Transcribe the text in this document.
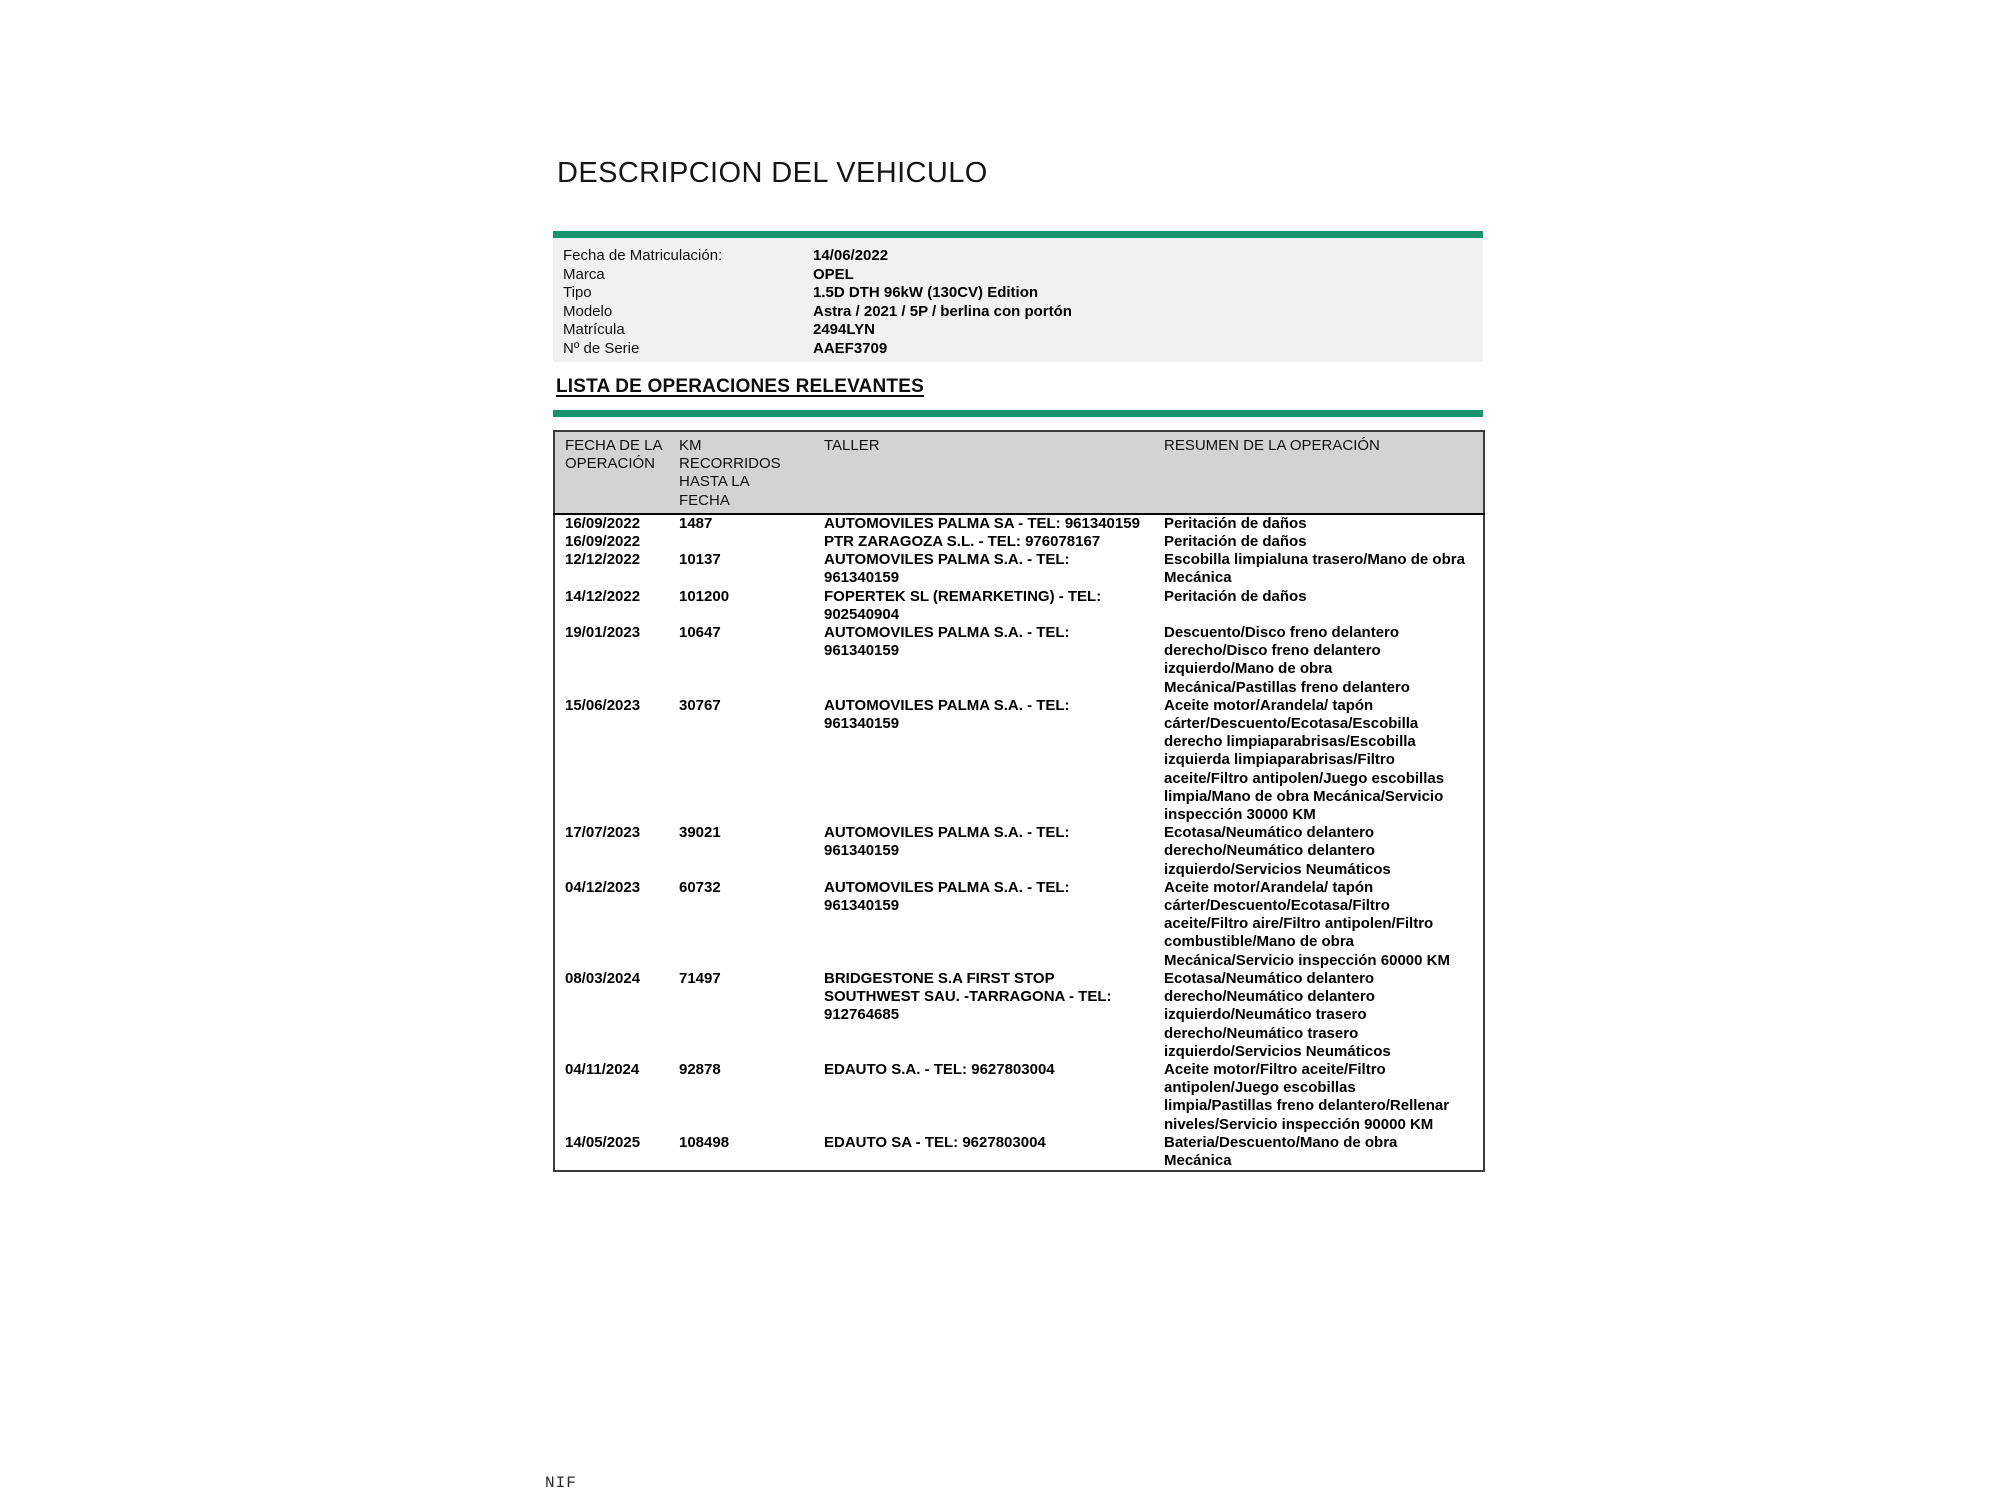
DESCRIPCION DEL VEHICULO
Fecha de Matriculación:	14/06/2022
Marca	OPEL
Tipo	1.5D DTH 96kW (130CV) Edition
Modelo	Astra / 2021 / 5P / berlina con portón
Matrícula	2494LYN
Nº de Serie	AAEF3709
LISTA DE OPERACIONES RELEVANTES
FECHA DE LA OPERACIÓN	KM RECORRIDOS HASTA LA FECHA	TALLER	RESUMEN DE LA OPERACIÓN
16/09/2022	1487	AUTOMOVILES PALMA SA - TEL: 961340159	Peritación de daños
16/09/2022		PTR ZARAGOZA S.L. - TEL: 976078167	Peritación de daños
12/12/2022	10137	AUTOMOVILES PALMA S.A. - TEL: 961340159	Escobilla limpialuna trasero/Mano de obra Mecánica
14/12/2022	101200	FOPERTEK SL (REMARKETING) - TEL: 902540904	Peritación de daños
19/01/2023	10647	AUTOMOVILES PALMA S.A. - TEL: 961340159	Descuento/Disco freno delantero derecho/Disco freno delantero izquierdo/Mano de obra Mecánica/Pastillas freno delantero
15/06/2023	30767	AUTOMOVILES PALMA S.A. - TEL: 961340159	Aceite motor/Arandela/ tapón cárter/Descuento/Ecotasa/Escobilla derecho limpiaparabrisas/Escobilla izquierda limpiaparabrisas/Filtro aceite/Filtro antipolen/Juego escobillas limpia/Mano de obra Mecánica/Servicio inspección 30000 KM
17/07/2023	39021	AUTOMOVILES PALMA S.A. - TEL: 961340159	Ecotasa/Neumático delantero derecho/Neumático delantero izquierdo/Servicios Neumáticos
04/12/2023	60732	AUTOMOVILES PALMA S.A. - TEL: 961340159	Aceite motor/Arandela/ tapón cárter/Descuento/Ecotasa/Filtro aceite/Filtro aire/Filtro antipolen/Filtro combustible/Mano de obra Mecánica/Servicio inspección 60000 KM
08/03/2024	71497	BRIDGESTONE S.A FIRST STOP SOUTHWEST SAU. -TARRAGONA - TEL: 912764685	Ecotasa/Neumático delantero derecho/Neumático delantero izquierdo/Neumático trasero derecho/Neumático trasero izquierdo/Servicios Neumáticos
04/11/2024	92878	EDAUTO S.A. - TEL: 9627803004	Aceite motor/Filtro aceite/Filtro antipolen/Juego escobillas limpia/Pastillas freno delantero/Rellenar niveles/Servicio inspección 90000 KM
14/05/2025	108498	EDAUTO SA - TEL: 9627803004	Bateria/Descuento/Mano de obra Mecánica
NIF
